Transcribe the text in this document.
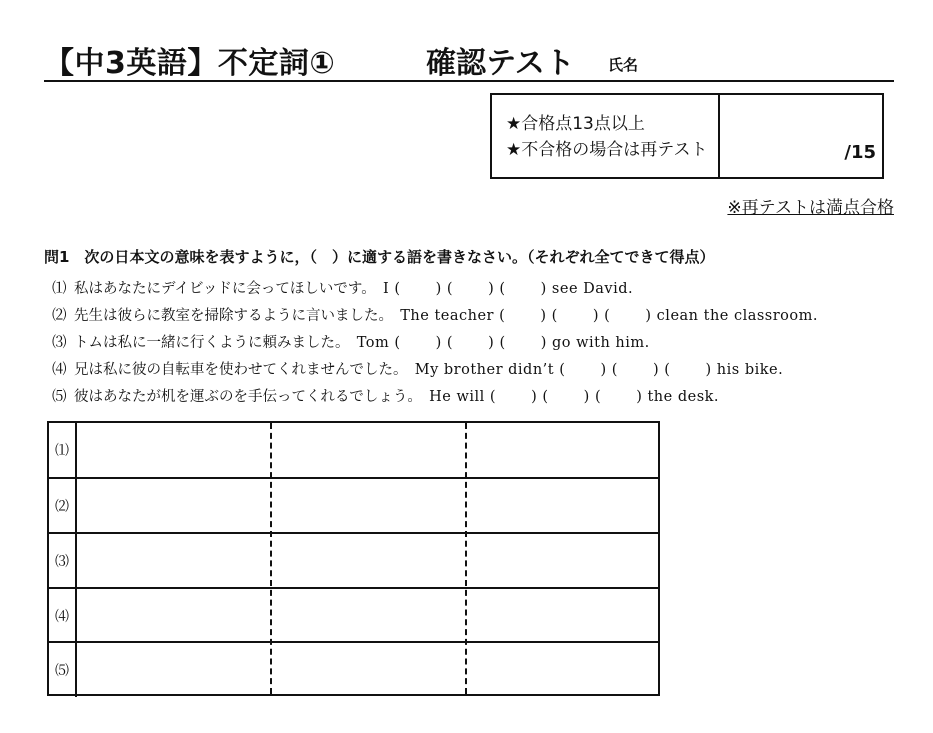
【中3英語】不定詞①	確認テスト 氏名
★合格点13点以上
★不合格の場合は再テスト	/15
※再テストは満点合格
問1　次の日本文の意味を表すように，（　）に適する語を書きなさい。（それぞれ全てできて得点）
⑴ 私はあなたにデイビッドに会ってほしいです。　 I (　　 ) (　　 ) (　　 ) see David.
⑵ 先生は彼らに教室を掃除するように言いました。　 The teacher (　　 ) (　　 ) (　　 ) clean the classroom.
⑶ トムは私に一緒に行くように頼みました。　 Tom (　　 ) (　　 ) (　　 ) go with him.
⑷ 兄は私に彼の自転車を使わせてくれませんでした。　 My brother didn’t (　　 ) (　　 ) (　　 ) his bike.
⑸ 彼はあなたが机を運ぶのを手伝ってくれるでしょう。　 He will (　　 ) (　　 ) (　　 ) the desk.
⑴
⑵
⑶
⑷
⑸
